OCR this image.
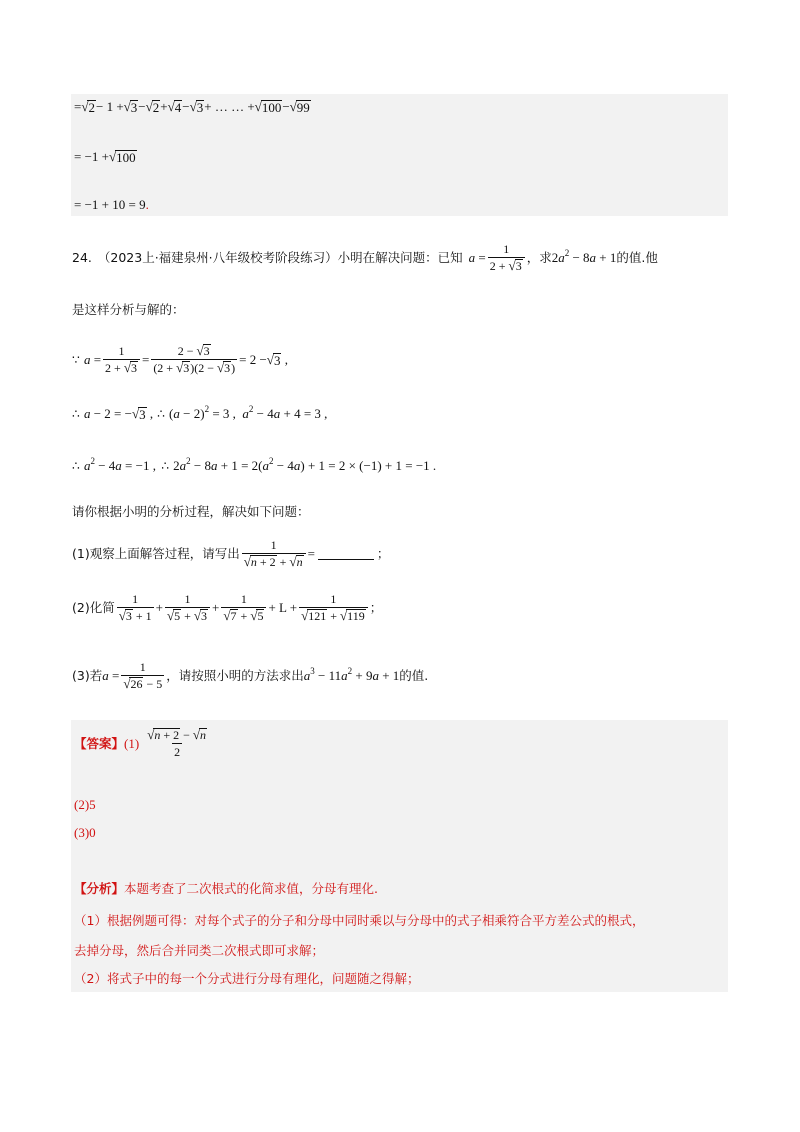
= √ 2 − 1 + √ 3 − √ 2 + √ 4 − √ 3 + … … + √ 100 − √ 99
= −1 + √ 100
= −1 + 10 = 9 .
24. （2023上·福建泉州·八年级校考阶段练习） 小明在解决问题：已知 $a = \frac{1}{2 + √ 3}$ ，求 $2a^2 - 8a + 1$ 的值.他
是这样分析与解的：
∵ $a = \frac{1}{2 + √ 3} = \frac{2 - √ 3}{(2 + √ 3 )(2 - √ 3 )} = 2$ − √ 3 ,
∴ a − 2 = − √ 3 , ∴ $(a - 2)^2 = 3$ ,  $a^2 - 4a + 4 = 3$ ,
∴ $a^2 - 4a = -1$ , ∴ $2a^2 - 8a + 1 = 2(a^2 - 4a) + 1 = 2 \times (-1) + 1 = -1$ .
请你根据小明的分析过程，解决如下问题：
(1)观察上面解答过程，请写出 $\frac{1}{√ n + 2 + √ n}$ =	；
(2)化简 $\frac{1}{√ 3 + 1} + \frac{1}{√ 5 + √ 3} + \frac{1}{√ 7 + √ 5} + L + \frac{1}{√ 121 + √ 119}$ ；
(3)若 $a = \frac{1}{√ 26 - 5}$ ，请按照小明的方法求出 $a^3 - 11a^2 + 9a + 1$ 的值.
【答案】 $(1) \frac{√ n + 2 - √ n}{2}$
(2)5
(3)0
【分析】 本题考查了二次根式的化简求值，分母有理化.
（1）根据例题可得：对每个式子的分子和分母中同时乘以与分母中的式子相乘符合平方差公式的根式，
去掉分母，然后合并同类二次根式即可求解；
（2）将式子中的每一个分式进行分母有理化，问题随之得解；
